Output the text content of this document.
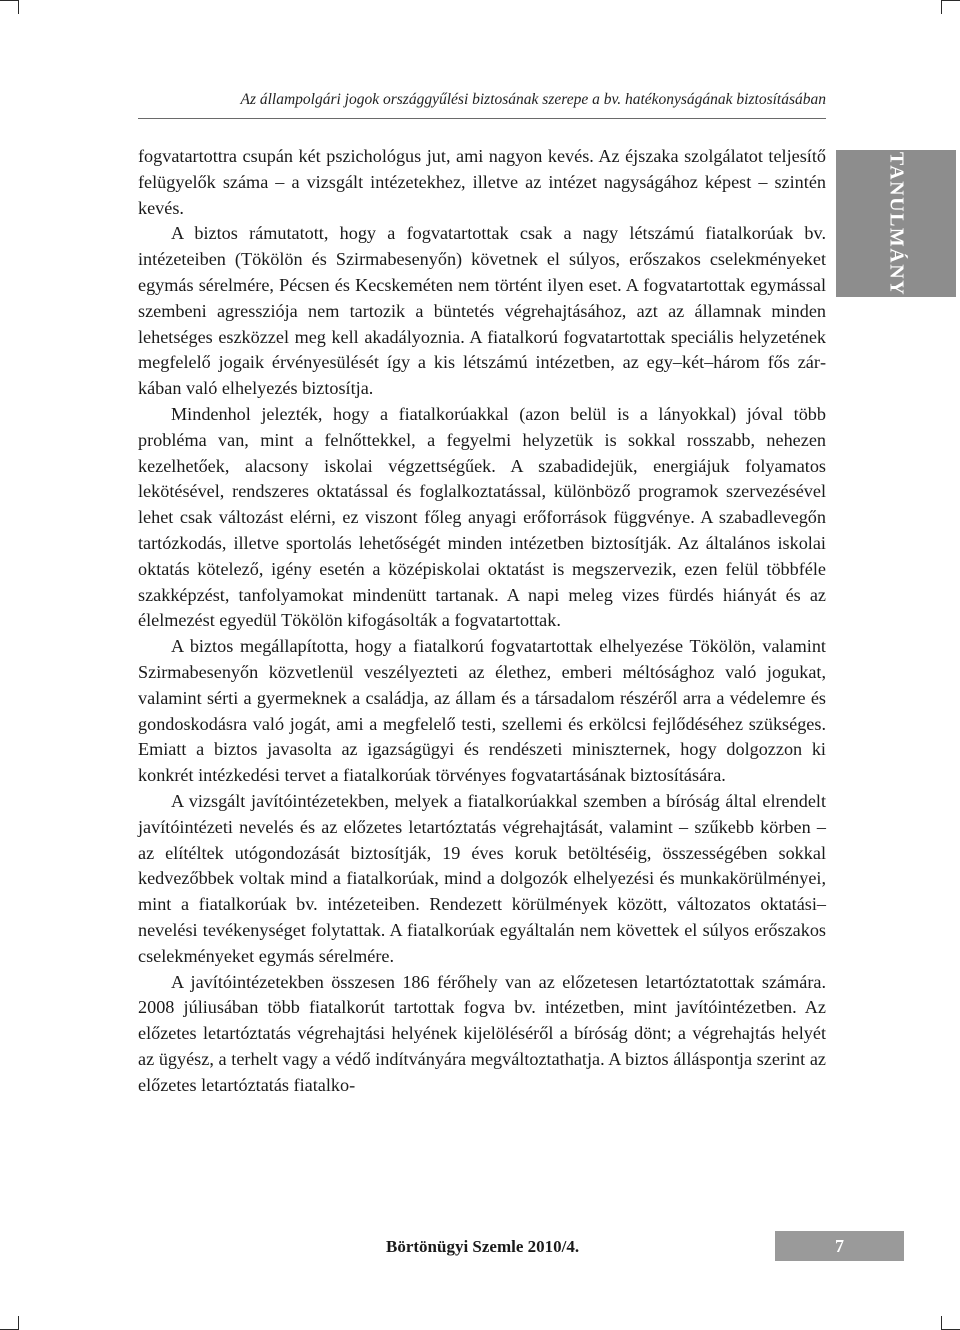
Az állampolgári jogok országgyűlési biztosának szerepe a bv. hatékonyságának biztosításában
TANULMÁNY

fogvatartottra csupán két pszichológus jut, ami nagyon kevés. Az éjszaka szolgálatot teljesítő felügyelők száma – a vizsgált intézetekhez, illetve az intézet nagyságához képest – szintén kevés.

A biztos rámutatott, hogy a fogvatartottak csak a nagy létszámú fiatalkorúak bv. intézeteiben (Tökölön és Szirmabesenyőn) követnek el súlyos, erőszakos cselekményeket egymás sérelmére, Pécsen és Kecskeméten nem történt ilyen eset. A fogvatartottak egymással szembeni agressziója nem tartozik a büntetés végrehajtásához, azt az államnak minden lehetséges eszközzel meg kell akadályoznia. A fiatalkorú fogvatartottak speciális helyzetének megfelelő jogaik érvényesülését így a kis létszámú intézetben, az egy–két–három fős zárkában való elhelyezés biztosítja.

Mindenhol jelezték, hogy a fiatalkorúakkal (azon belül is a lányokkal) jóval több probléma van, mint a felnőttekkel, a fegyelmi helyzetük is sokkal rosszabb, nehezen kezelhetőek, alacsony iskolai végzettségűek. A szabadidejük, energiájuk folyamatos lekötésével, rendszeres oktatással és foglalkoztatással, különböző programok szervezésével lehet csak változást elérni, ez viszont főleg anyagi erőforrások függvénye. A szabadlevegőn tartózkodás, illetve sportolás lehetőségét minden intézetben biztosítják. Az általános iskolai oktatás kötelező, igény esetén a középiskolai oktatást is megszervezik, ezen felül többféle szakképzést, tanfolyamokat mindenütt tartanak. A napi meleg vizes fürdés hiányát és az élelmezést egyedül Tökölön kifogásolták a fogvatartottak.

A biztos megállapította, hogy a fiatalkorú fogvatartottak elhelyezése Tökölön, valamint Szirmabesenyőn közvetlenül veszélyezteti az élethez, emberi méltósághoz való jogukat, valamint sérti a gyermeknek a családja, az állam és a társadalom részéről arra a védelemre és gondoskodásra való jogát, ami a megfelelő testi, szellemi és erkölcsi fejlődéséhez szükséges. Emiatt a biztos javasolta az igazságügyi és rendészeti miniszternek, hogy dolgozzon ki konkrét intézkedési tervet a fiatalkorúak törvényes fogvatartásának biztosítására.

A vizsgált javítóintézetekben, melyek a fiatalkorúakkal szemben a bíróság által elrendelt javítóintézeti nevelés és az előzetes letartóztatás végrehajtását, valamint – szűkebb körben – az elítéltek utógondozását biztosítják, 19 éves koruk betöltéséig, összességében sokkal kedvezőbbek voltak mind a fiatalkorúak, mind a dolgozók elhelyezési és munkakörülményei, mint a fiatalkorúak bv. intézeteiben. Rendezett körülmények között, változatos oktatási–nevelési tevékenységet folytattak. A fiatalkorúak egyáltalán nem követtek el súlyos erőszakos cselekményeket egymás sérelmére.

A javítóintézetekben összesen 186 férőhely van az előzetesen letartóztatottak számára. 2008 júliusában több fiatalkorút tartottak fogva bv. intézetben, mint javítóintézetben. Az előzetes letartóztatás végrehajtási helyének kijelöléséről a bíróság dönt; a végrehajtás helyét az ügyész, a terhelt vagy a védő indítványára megváltoztathatja. A biztos álláspontja szerint az előzetes letartóztatás fiatalko-

Börtönügyi Szemle 2010/4.	7
